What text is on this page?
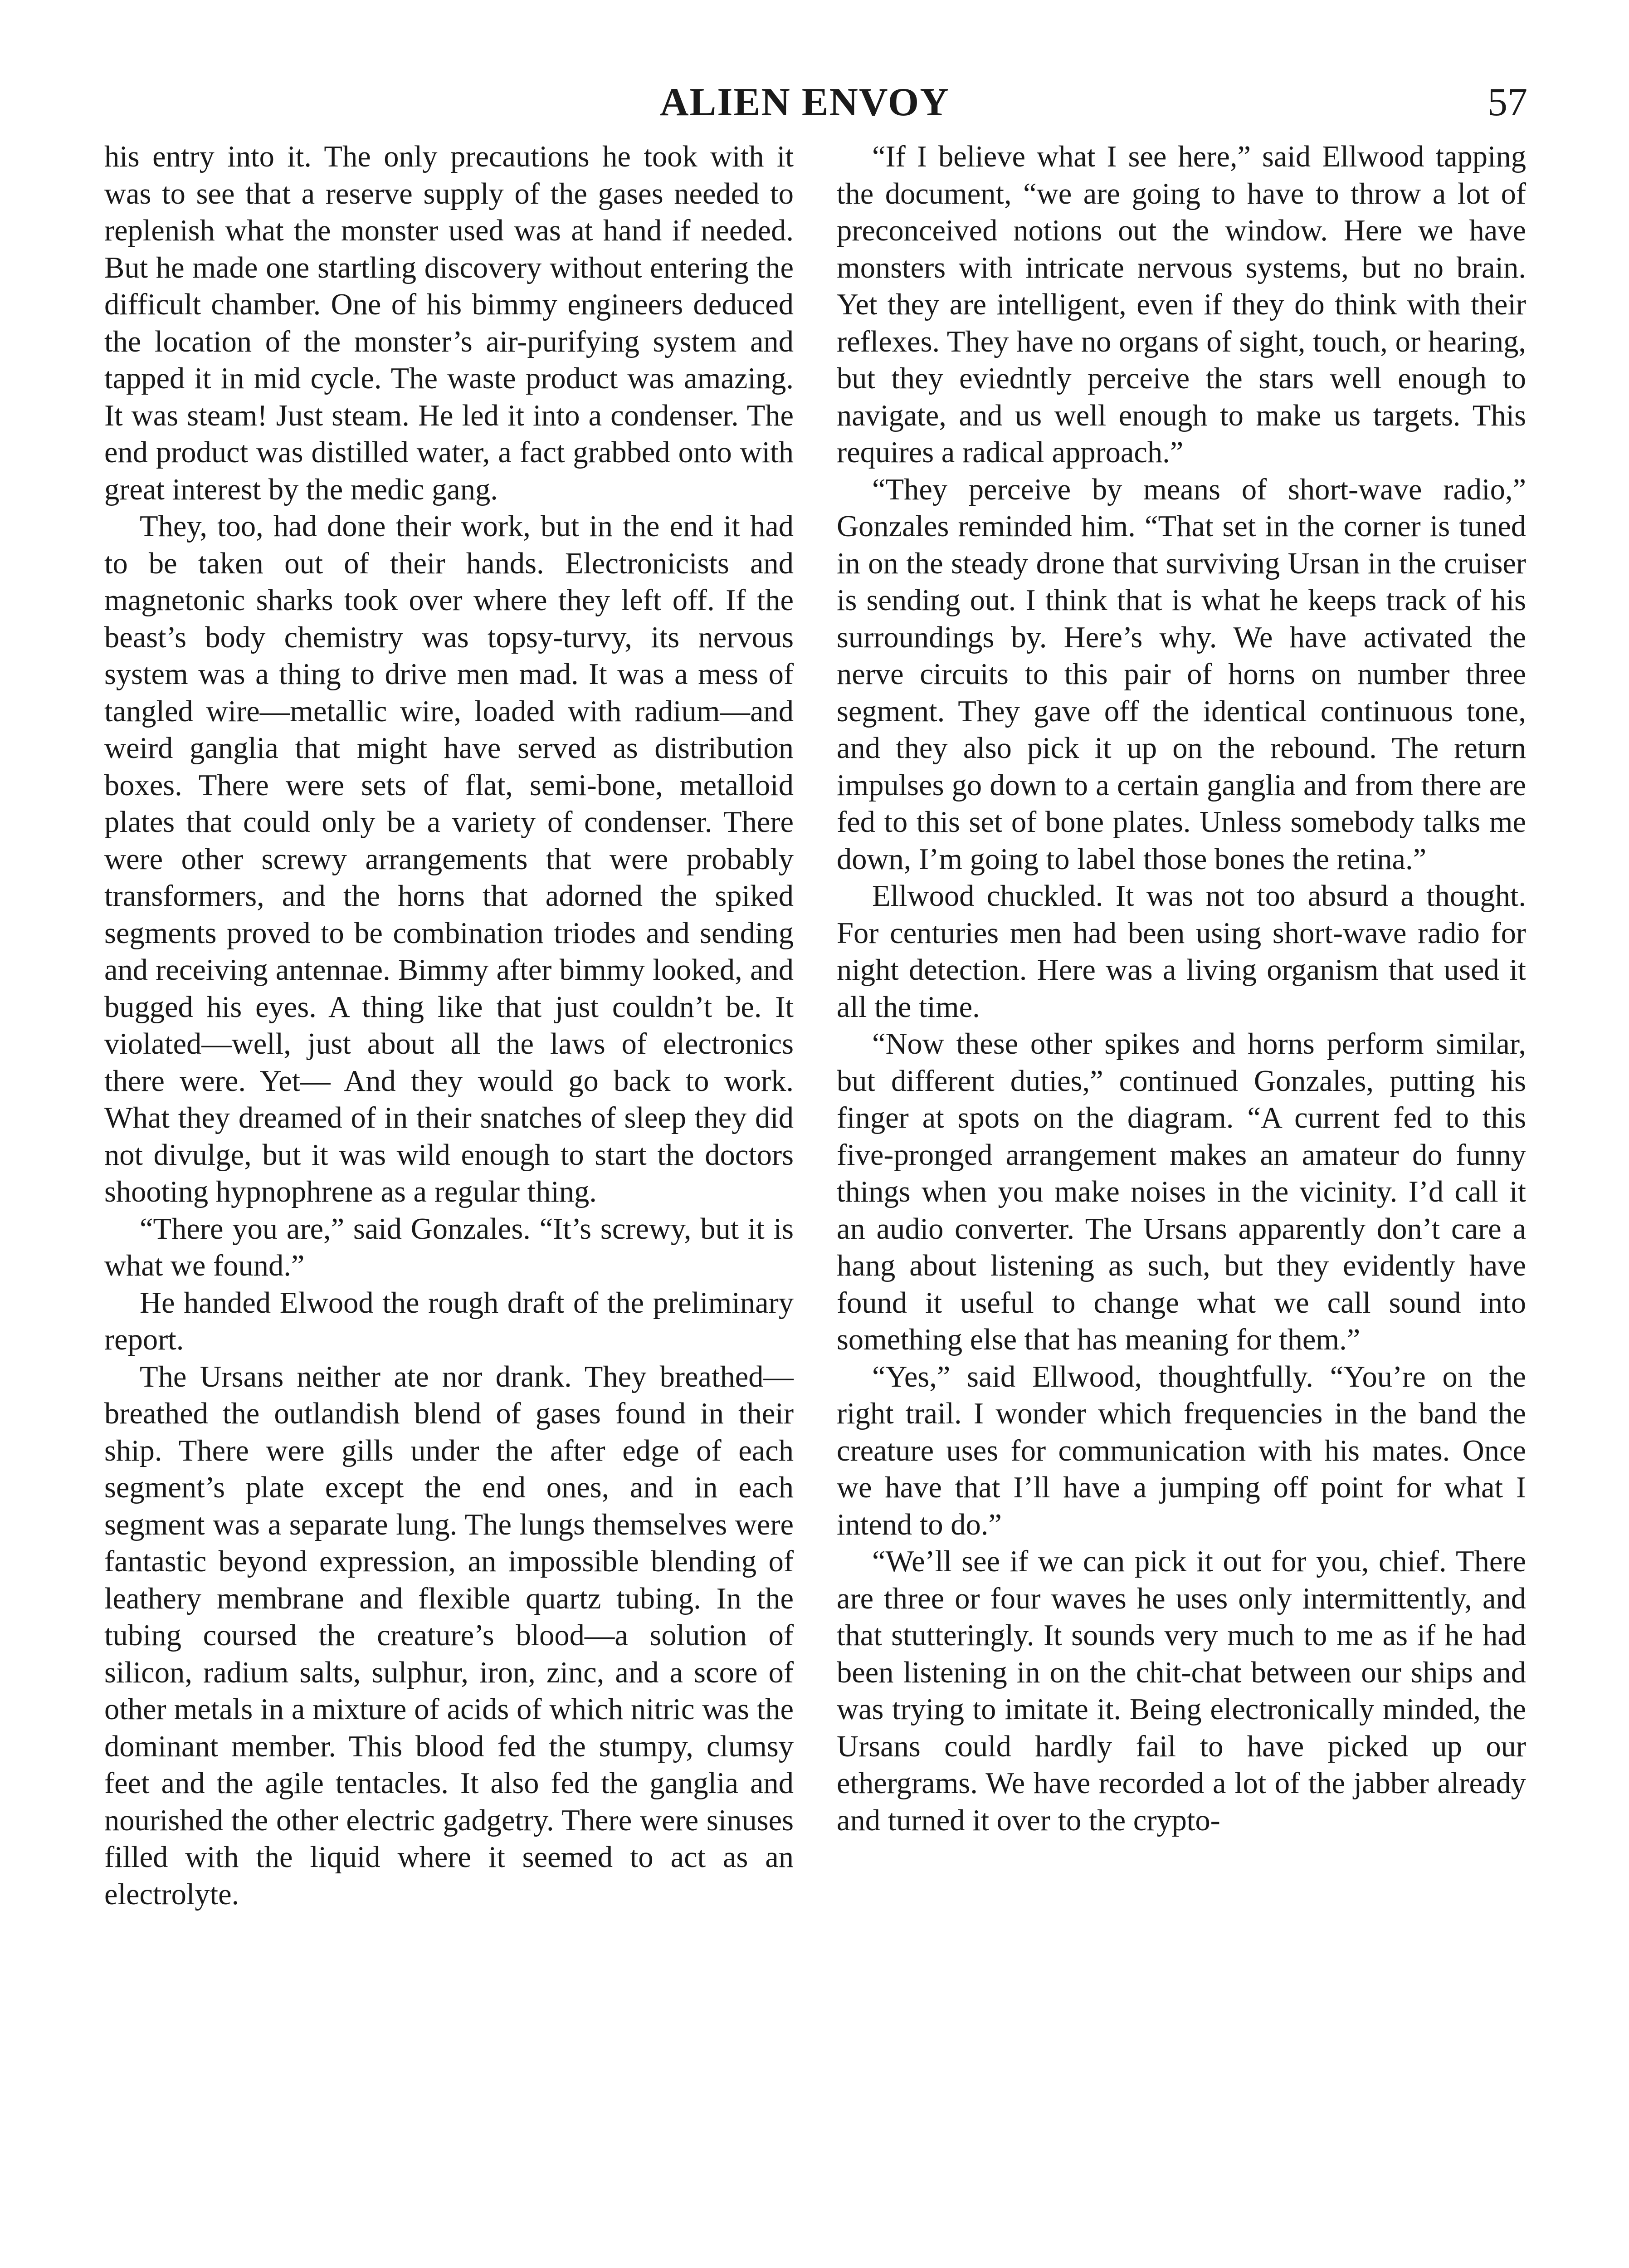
ALIEN ENVOY	57

his entry into it. The only precautions he took with it was to see that a reserve supply of the gases needed to replenish what the monster used was at hand if needed. But he made one startling discovery without entering the difficult chamber. One of his bimmy engineers deduced the location of the monster’s air-purifying system and tapped it in mid cycle. The waste product was amazing. It was steam! Just steam. He led it into a condenser. The end product was distilled water, a fact grabbed onto with great interest by the medic gang.

They, too, had done their work, but in the end it had to be taken out of their hands. Electronicists and magnetonic sharks took over where they left off. If the beast’s body chemistry was topsy-turvy, its nervous system was a thing to drive men mad. It was a mess of tangled wire—metallic wire, loaded with radium—and weird ganglia that might have served as distribution boxes. There were sets of flat, semi-bone, metalloid plates that could only be a variety of condenser. There were other screwy arrangements that were probably transformers, and the horns that adorned the spiked segments proved to be combination triodes and sending and receiving antennae. Bimmy after bimmy looked, and bugged his eyes. A thing like that just couldn’t be. It violated—well, just about all the laws of electronics there were. Yet— And they would go back to work. What they dreamed of in their snatches of sleep they did not divulge, but it was wild enough to start the doctors shooting hypnophrene as a regular thing.

“There you are,” said Gonzales. “It’s screwy, but it is what we found.”

He handed Elwood the rough draft of the preliminary report.

The Ursans neither ate nor drank. They breathed—breathed the outlandish blend of gases found in their ship. There were gills under the after edge of each segment’s plate except the end ones, and in each segment was a separate lung. The lungs themselves were fantastic beyond expression, an impossible blending of leathery membrane and flexible quartz tubing. In the tubing coursed the creature’s blood—a solution of silicon, radium salts, sulphur, iron, zinc, and a score of other metals in a mixture of acids of which nitric was the dominant member. This blood fed the stumpy, clumsy feet and the agile tentacles. It also fed the ganglia and nourished the other electric gadgetry. There were sinuses filled with the liquid where it seemed to act as an electrolyte.

“If I believe what I see here,” said Ellwood tapping the document, “we are going to have to throw a lot of preconceived notions out the window. Here we have monsters with intricate nervous systems, but no brain. Yet they are intelligent, even if they do think with their reflexes. They have no organs of sight, touch, or hearing, but they eviedntly perceive the stars well enough to navigate, and us well enough to make us targets. This requires a radical approach.”

“They perceive by means of short-wave radio,” Gonzales reminded him. “That set in the corner is tuned in on the steady drone that surviving Ursan in the cruiser is sending out. I think that is what he keeps track of his surroundings by. Here’s why. We have activated the nerve circuits to this pair of horns on number three segment. They gave off the identical continuous tone, and they also pick it up on the rebound. The return impulses go down to a certain ganglia and from there are fed to this set of bone plates. Unless somebody talks me down, I’m going to label those bones the retina.”

Ellwood chuckled. It was not too absurd a thought. For centuries men had been using short-wave radio for night detection. Here was a living organism that used it all the time.

“Now these other spikes and horns perform similar, but different duties,” continued Gonzales, putting his finger at spots on the diagram. “A current fed to this five-pronged arrangement makes an amateur do funny things when you make noises in the vicinity. I’d call it an audio converter. The Ursans apparently don’t care a hang about listening as such, but they evidently have found it useful to change what we call sound into something else that has meaning for them.”

“Yes,” said Ellwood, thoughtfully. “You’re on the right trail. I wonder which frequencies in the band the creature uses for communication with his mates. Once we have that I’ll have a jumping off point for what I intend to do.”

“We’ll see if we can pick it out for you, chief. There are three or four waves he uses only intermittently, and that stutteringly. It sounds very much to me as if he had been listening in on the chit-chat between our ships and was trying to imitate it. Being electronically minded, the Ursans could hardly fail to have picked up our ethergrams. We have recorded a lot of the jabber already and turned it over to the crypto-
